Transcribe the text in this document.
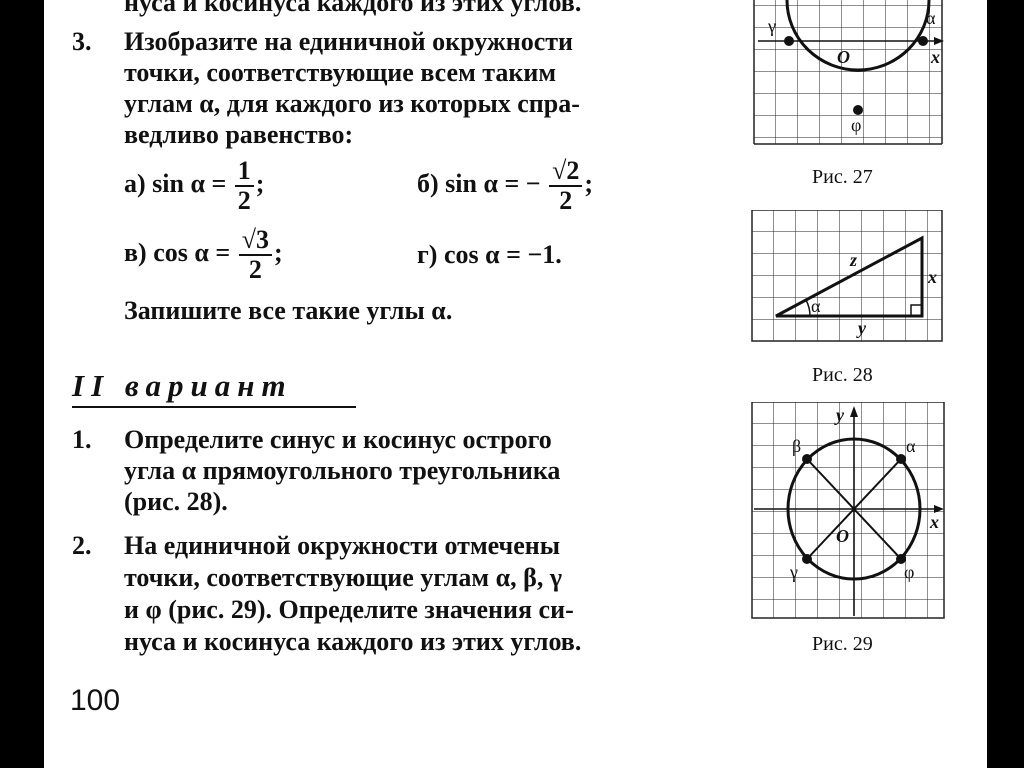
нуса и косинуса каждого из этих углов.
3. Изобразите на единичной окружности
точки, соответствующие всем таким
углам α, для каждого из которых спра-
ведливо равенство:
а) $\sin \alpha = \frac{1}{2}$ ;	б) sin α = − $\frac{√2}{2}$ ;
в) $\cos \alpha = \frac{√3}{2}$ ;	г) cos α = −1.
Запишите все такие углы α.
II вариант
1. Определите синус и косинус острого
угла α прямоугольного треугольника
(рис. 28).
2. На единичной окружности отмечены
точки, соответствующие углам α, β, γ
и φ (рис. 29). Определите значения си-
нуса и косинуса каждого из этих углов.
100
γ	α
O	x
φ
Рис. 27
z
x
y
α
Рис. 28
β	α
γ	φ
O
x
y
Рис. 29
